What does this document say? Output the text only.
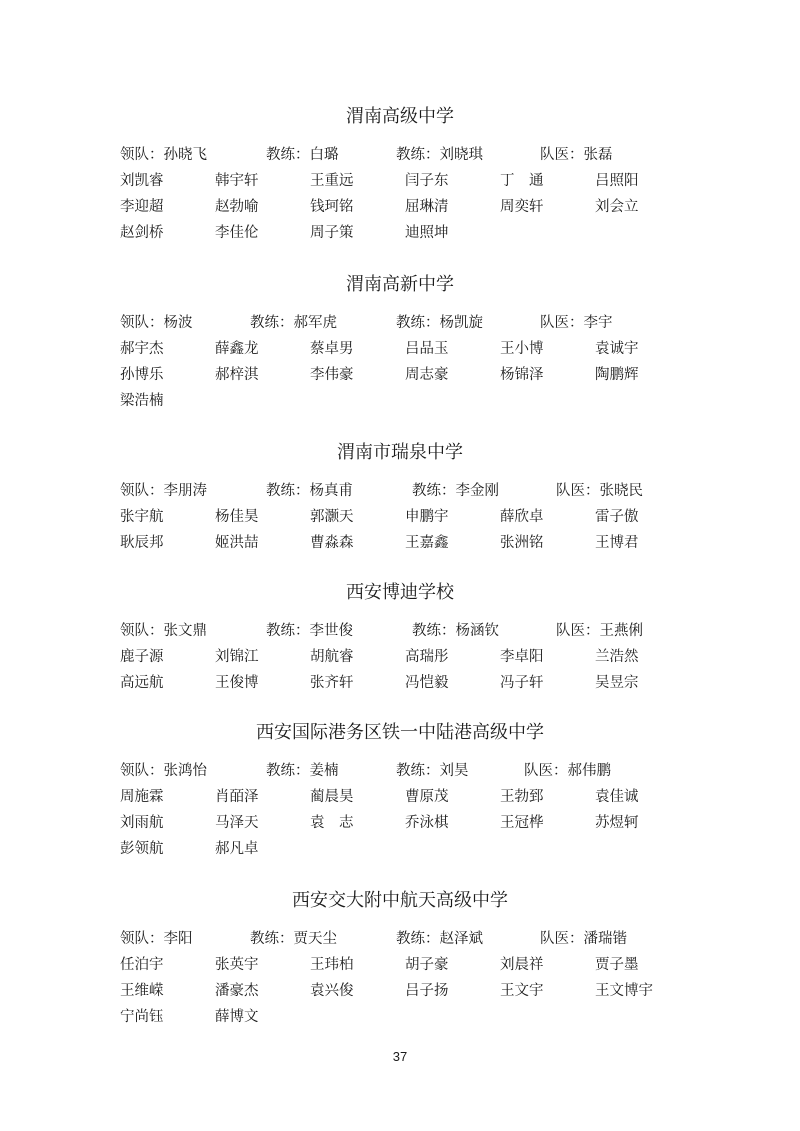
渭南高级中学
领队：孙晓飞	教练：白璐	教练：刘晓琪	队医：张磊
刘凯睿	韩宇轩	王重远	闫子东	丁　通	吕照阳
李迎超	赵勃喻	钱珂铭	屈琳清	周奕轩	刘会立
赵剑桥	李佳伦	周子策	迪照坤
渭南高新中学
领队：杨波	教练：郝军虎	教练：杨凯旋	队医：李宇
郝宇杰	薛鑫龙	蔡卓男	吕品玉	王小博	袁诚宇
孙博乐	郝梓淇	李伟豪	周志豪	杨锦泽	陶鹏辉
梁浩楠
渭南市瑞泉中学
领队：李朋涛	教练：杨真甫	教练：李金刚	队医：张晓民
张宇航	杨佳昊	郭灏天	申鹏宇	薛欣卓	雷子傲
耿辰邦	姬洪喆	曹淼森	王嘉鑫	张洲铭	王博君
西安博迪学校
领队：张文鼎	教练：李世俊	教练：杨涵钦	队医：王燕俐
鹿子源	刘锦江	胡航睿	高瑞彤	李卓阳	兰浩然
高远航	王俊博	张齐轩	冯恺毅	冯子轩	吴昱宗
西安国际港务区铁一中陆港高级中学
领队：张鸿怡	教练：姜楠	教练：刘昊	队医：郝伟鹏
周施霖	肖皕泽	蔺晨昊	曹原茂	王勃郅	袁佳诚
刘雨航	马泽天	袁　志	乔泳棋	王冠桦	苏煜轲
彭领航	郝凡卓
西安交大附中航天高级中学
领队：李阳	教练：贾天尘	教练：赵泽斌	队医：潘瑞锴
任泊宇	张英宇	王玮柏	胡子豪	刘晨祥	贾子墨
王维嵘	潘豪杰	袁兴俊	吕子扬	王文宇	王文博宇
宁尚钰	薛博文
37
